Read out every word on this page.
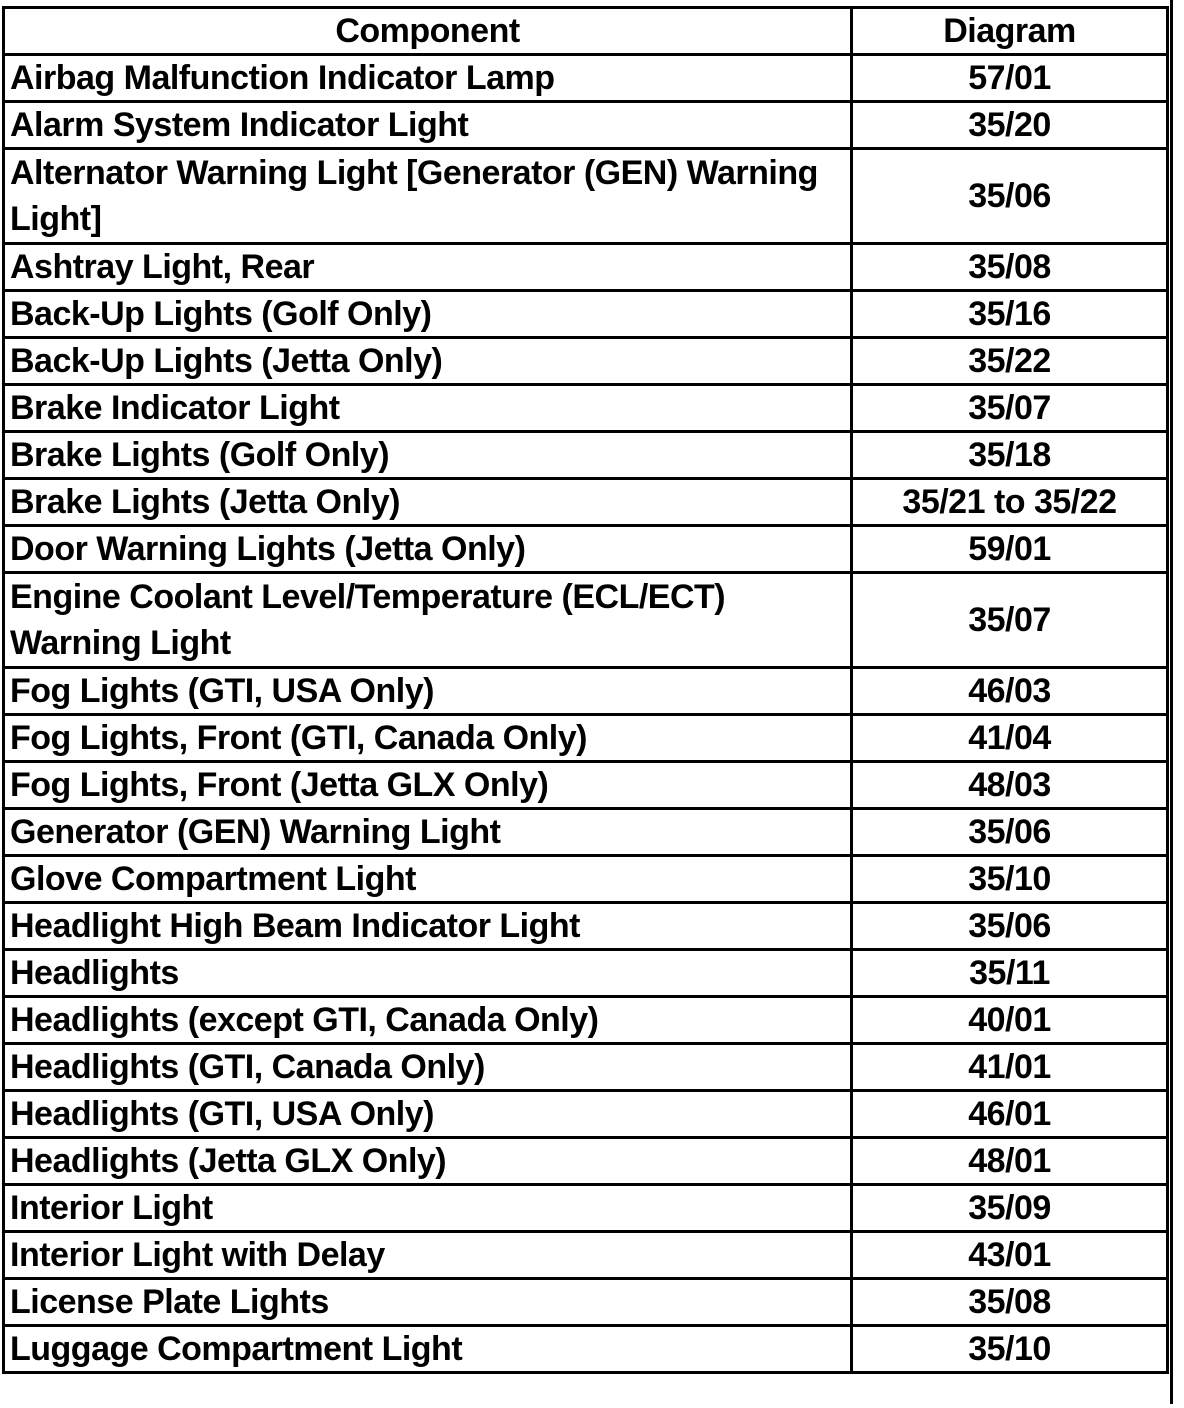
Component	Diagram
Airbag Malfunction Indicator Lamp	57/01
Alarm System Indicator Light	35/20
Alternator Warning Light [Generator (GEN) Warning Light]	35/06
Ashtray Light, Rear	35/08
Back-Up Lights (Golf Only)	35/16
Back-Up Lights (Jetta Only)	35/22
Brake Indicator Light	35/07
Brake Lights (Golf Only)	35/18
Brake Lights (Jetta Only)	35/21 to 35/22
Door Warning Lights (Jetta Only)	59/01
Engine Coolant Level/Temperature (ECL/ECT) Warning Light	35/07
Fog Lights (GTI, USA Only)	46/03
Fog Lights, Front (GTI, Canada Only)	41/04
Fog Lights, Front (Jetta GLX Only)	48/03
Generator (GEN) Warning Light	35/06
Glove Compartment Light	35/10
Headlight High Beam Indicator Light	35/06
Headlights	35/11
Headlights (except GTI, Canada Only)	40/01
Headlights (GTI, Canada Only)	41/01
Headlights (GTI, USA Only)	46/01
Headlights (Jetta GLX Only)	48/01
Interior Light	35/09
Interior Light with Delay	43/01
License Plate Lights	35/08
Luggage Compartment Light	35/10
